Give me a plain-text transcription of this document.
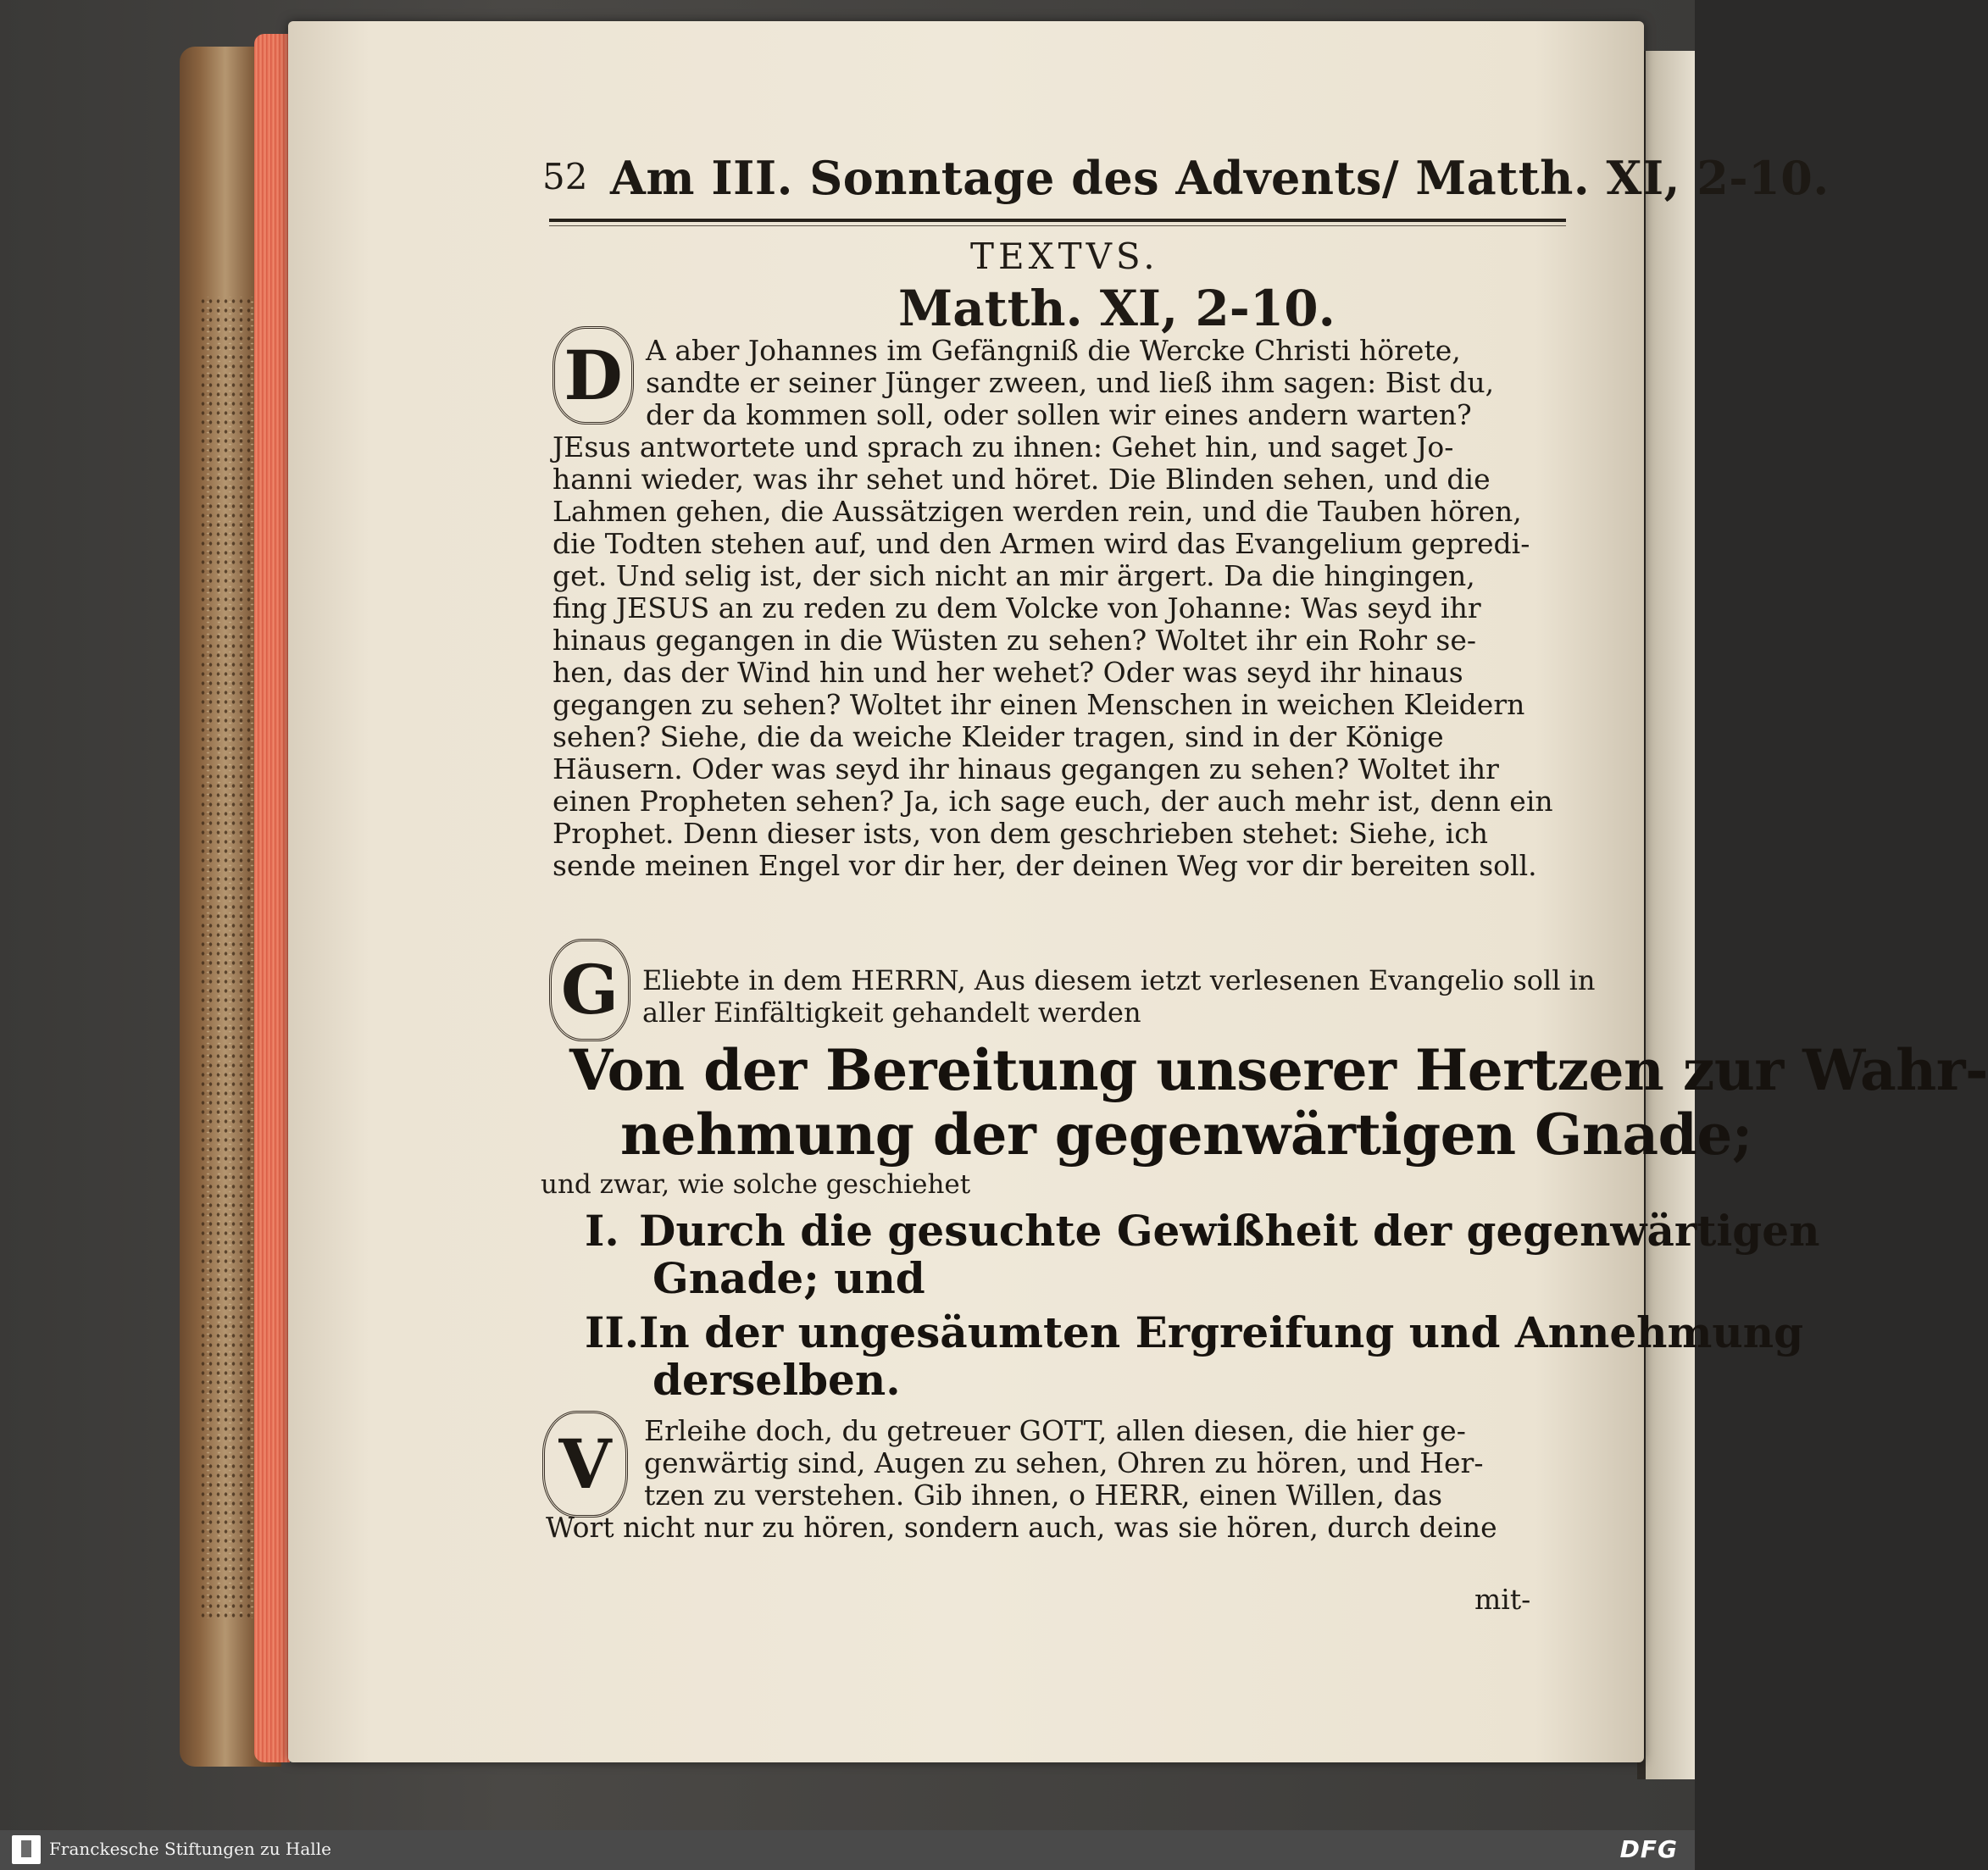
52 Am III. Sonntage des Advents/ Matth. XI, 2-10.
TEXTVS.
Matth. XI, 2-10.
D A aber Johannes im Gefängniß die Wercke Christi hörete,
sandte er seiner Jünger zween, und ließ ihm sagen: Bist du,
der da kommen soll, oder sollen wir eines andern warten?
JEsus antwortete und sprach zu ihnen: Gehet hin, und saget Jo-
hanni wieder, was ihr sehet und höret. Die Blinden sehen, und die
Lahmen gehen, die Aussätzigen werden rein, und die Tauben hören,
die Todten stehen auf, und den Armen wird das Evangelium gepredi-
get. Und selig ist, der sich nicht an mir ärgert. Da die hingingen,
fing JESUS an zu reden zu dem Volcke von Johanne: Was seyd ihr
hinaus gegangen in die Wüsten zu sehen? Woltet ihr ein Rohr se-
hen, das der Wind hin und her wehet? Oder was seyd ihr hinaus
gegangen zu sehen? Woltet ihr einen Menschen in weichen Kleidern
sehen? Siehe, die da weiche Kleider tragen, sind in der Könige
Häusern. Oder was seyd ihr hinaus gegangen zu sehen? Woltet ihr
einen Propheten sehen? Ja, ich sage euch, der auch mehr ist, denn ein
Prophet. Denn dieser ists, von dem geschrieben stehet: Siehe, ich
sende meinen Engel vor dir her, der deinen Weg vor dir bereiten soll.
G Eliebte in dem HERRN, Aus diesem ietzt verlesenen Evangelio soll in
aller Einfältigkeit gehandelt werden
Von der Bereitung unserer Hertzen zur Wahr-
nehmung der gegenwärtigen Gnade;
und zwar, wie solche geschiehet
I. Durch die gesuchte Gewißheit der gegenwärtigen
Gnade; und
II.In der ungesäumten Ergreifung und Annehmung
derselben.
V	Erleihe doch, du getreuer GOTT, allen diesen, die hier ge-
genwärtig sind, Augen zu sehen, Ohren zu hören, und Her-
tzen zu verstehen. Gib ihnen, o HERR, einen Willen, das
Wort nicht nur zu hören, sondern auch, was sie hören, durch deine
mit-
Franckesche Stiftungen zu Halle	DFG
